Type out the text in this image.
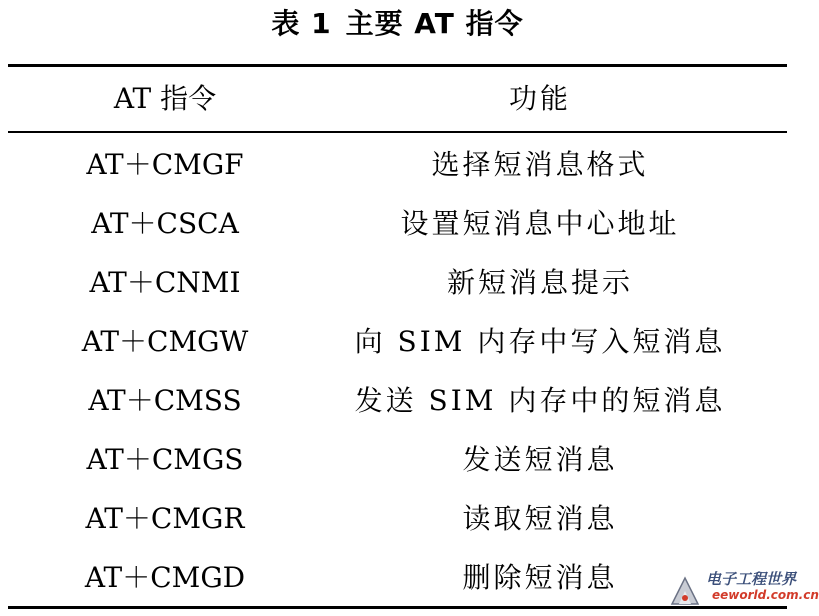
表 1 主要 AT 指令
AT 指令	功能
AT＋CMGF	选择短消息格式
AT＋CSCA	设置短消息中心地址
AT＋CNMI	新短消息提示
AT＋CMGW	向 SIM 内存中写入短消息
AT＋CMSS	发送 SIM 内存中的短消息
AT＋CMGS	发送短消息
AT＋CMGR	读取短消息
AT＋CMGD	删除短消息	电子工程世界
eeworld.com.cn
